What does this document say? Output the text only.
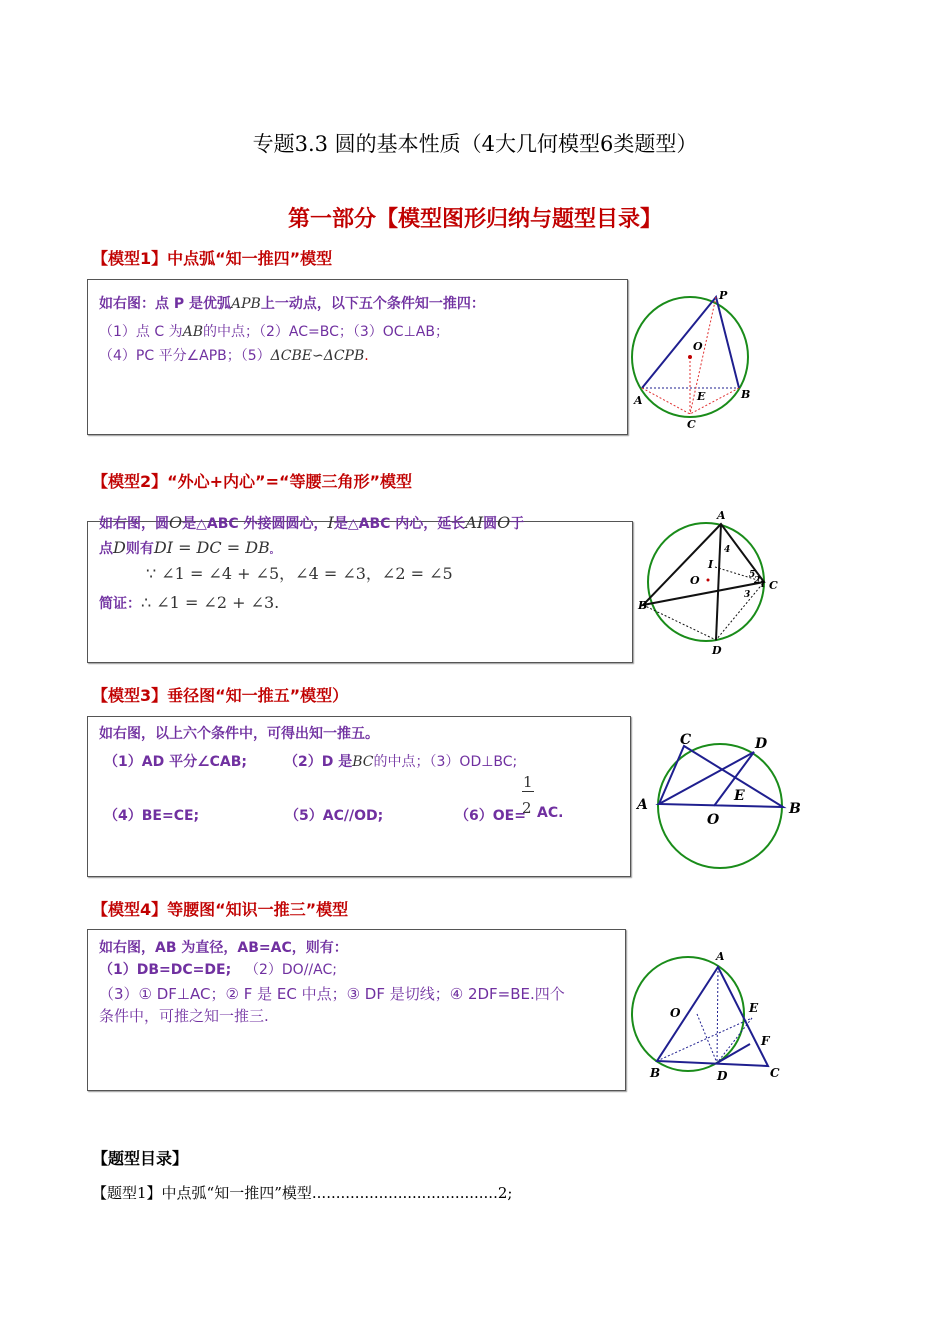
专题3.3 圆的基本性质（4大几何模型6类题型）
第一部分【模型图形归纳与题型目录】
【模型1】中点弧“知一推四”模型
如右图：点 P 是优弧APB上一动点，以下五个条件知一推四：
（1）点 C 为AB的中点；（2）AC=BC；（3）OC⊥AB；
（4）PC 平分∠APB；（5）ΔCBE∽ΔCPB.
P
O
A	B
E
C
【模型2】“外心+内心”=“等腰三角形”模型
如右图，圆O是△ABC 外接圆圆心，I是△ABC 内心，延长AI圆O于
点D则有DI = DC = DB。
∵ ∠1 = ∠4 + ∠5，∠4 = ∠3，∠2 = ∠5
简证：∴ ∠1 = ∠2 + ∠3.
A
B
C
D
I
O	2
3
4
5
1
【模型3】垂径图“知一推五”模型）
如右图，以上六个条件中，可得出知一推五。
（1）AD 平分∠CAB;	（2）D 是BC的中点；（3）OD⊥BC;
（4）BE=CE;	（5）AC//OD;	（6）OE=
1
2 AC.
C	D
A	B
E
O
【模型4】等腰图“知识一推三”模型
如右图，AB 为直径，AB=AC，则有：
（1）DB=DC=DE; （2）DO//AC;
（3）① DF⊥AC；② F 是 EC 中点；③ DF 是切线；④ 2DF=BE.四个
条件中，可推之知一推三.
A
O	E
F
B	D	C
【题型目录】
【题型1】中点弧“知一推四”模型.......................................2;
